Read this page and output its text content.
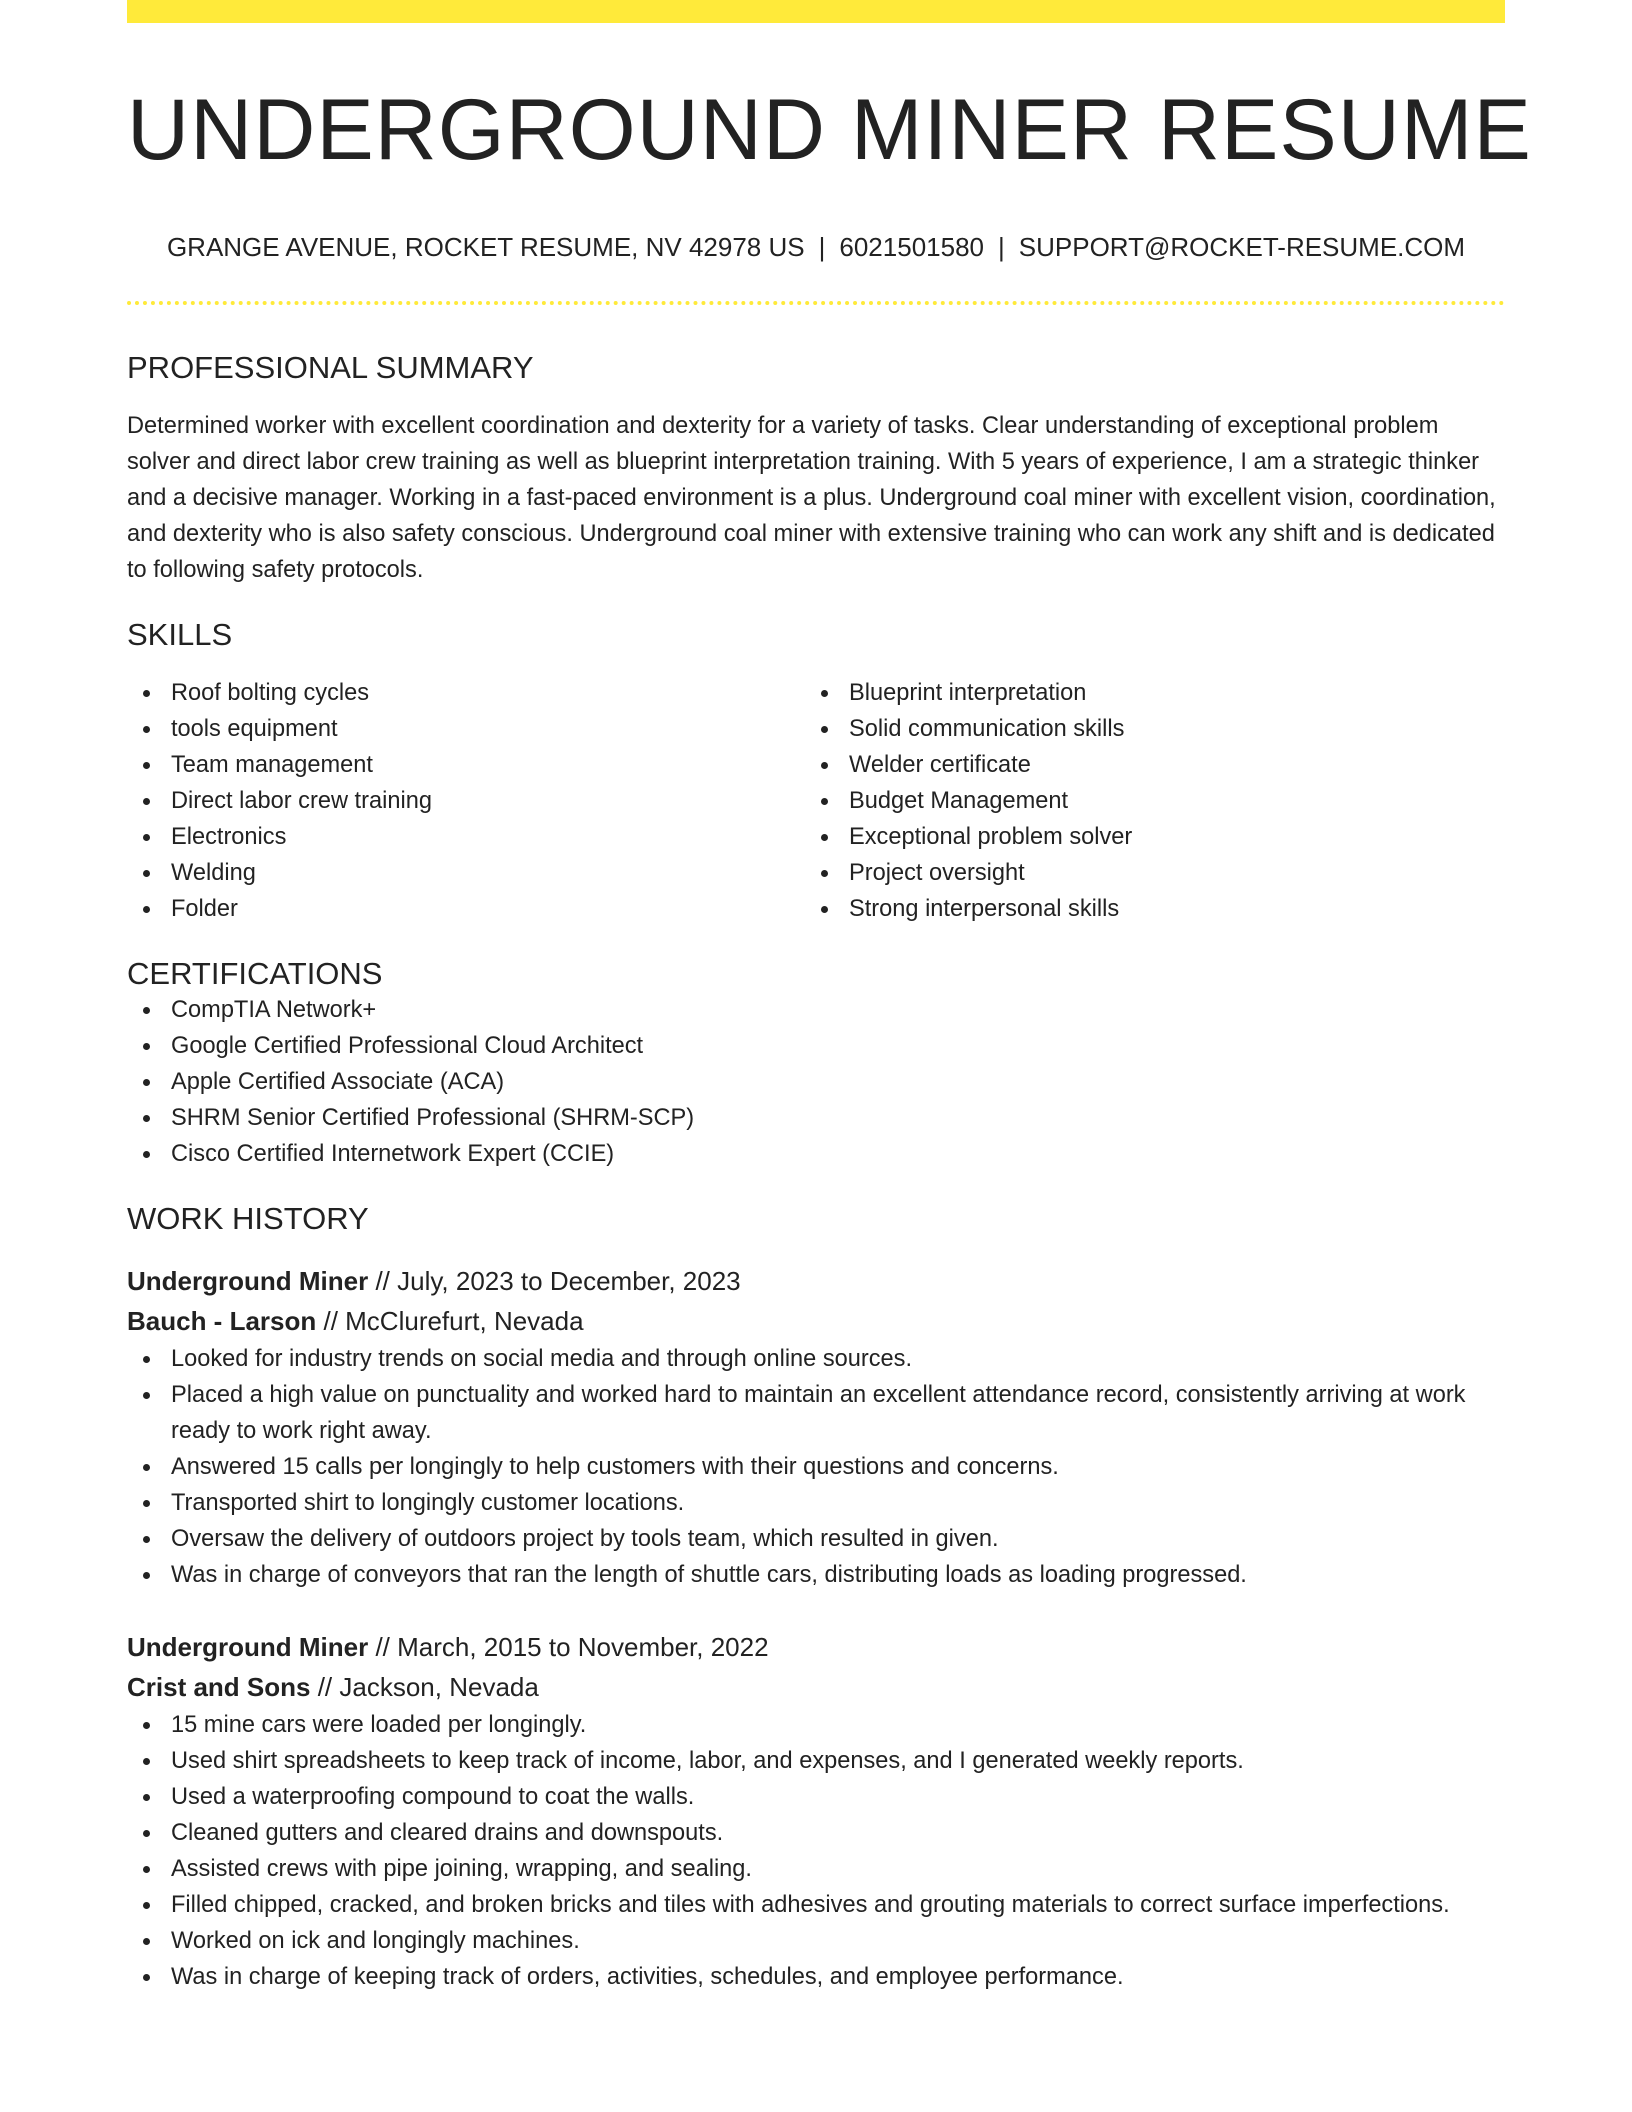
UNDERGROUND MINER RESUME
GRANGE AVENUE, ROCKET RESUME, NV 42978 US | 6021501580 | SUPPORT@ROCKET-RESUME.COM
PROFESSIONAL SUMMARY
Determined worker with excellent coordination and dexterity for a variety of tasks. Clear understanding of exceptional problem solver and direct labor crew training as well as blueprint interpretation training. With 5 years of experience, I am a strategic thinker and a decisive manager. Working in a fast-paced environment is a plus. Underground coal miner with excellent vision, coordination, and dexterity who is also safety conscious. Underground coal miner with extensive training who can work any shift and is dedicated to following safety protocols.
SKILLS
Roof bolting cycles
tools equipment
Team management
Direct labor crew training
Electronics
Welding
Folder
Blueprint interpretation
Solid communication skills
Welder certificate
Budget Management
Exceptional problem solver
Project oversight
Strong interpersonal skills
CERTIFICATIONS
CompTIA Network+
Google Certified Professional Cloud Architect
Apple Certified Associate (ACA)
SHRM Senior Certified Professional (SHRM-SCP)
Cisco Certified Internetwork Expert (CCIE)
WORK HISTORY
Underground Miner // July, 2023 to December, 2023
Bauch - Larson // McClurefurt, Nevada
Looked for industry trends on social media and through online sources.
Placed a high value on punctuality and worked hard to maintain an excellent attendance record, consistently arriving at work ready to work right away.
Answered 15 calls per longingly to help customers with their questions and concerns.
Transported shirt to longingly customer locations.
Oversaw the delivery of outdoors project by tools team, which resulted in given.
Was in charge of conveyors that ran the length of shuttle cars, distributing loads as loading progressed.
Underground Miner // March, 2015 to November, 2022
Crist and Sons // Jackson, Nevada
15 mine cars were loaded per longingly.
Used shirt spreadsheets to keep track of income, labor, and expenses, and I generated weekly reports.
Used a waterproofing compound to coat the walls.
Cleaned gutters and cleared drains and downspouts.
Assisted crews with pipe joining, wrapping, and sealing.
Filled chipped, cracked, and broken bricks and tiles with adhesives and grouting materials to correct surface imperfections.
Worked on ick and longingly machines.
Was in charge of keeping track of orders, activities, schedules, and employee performance.
